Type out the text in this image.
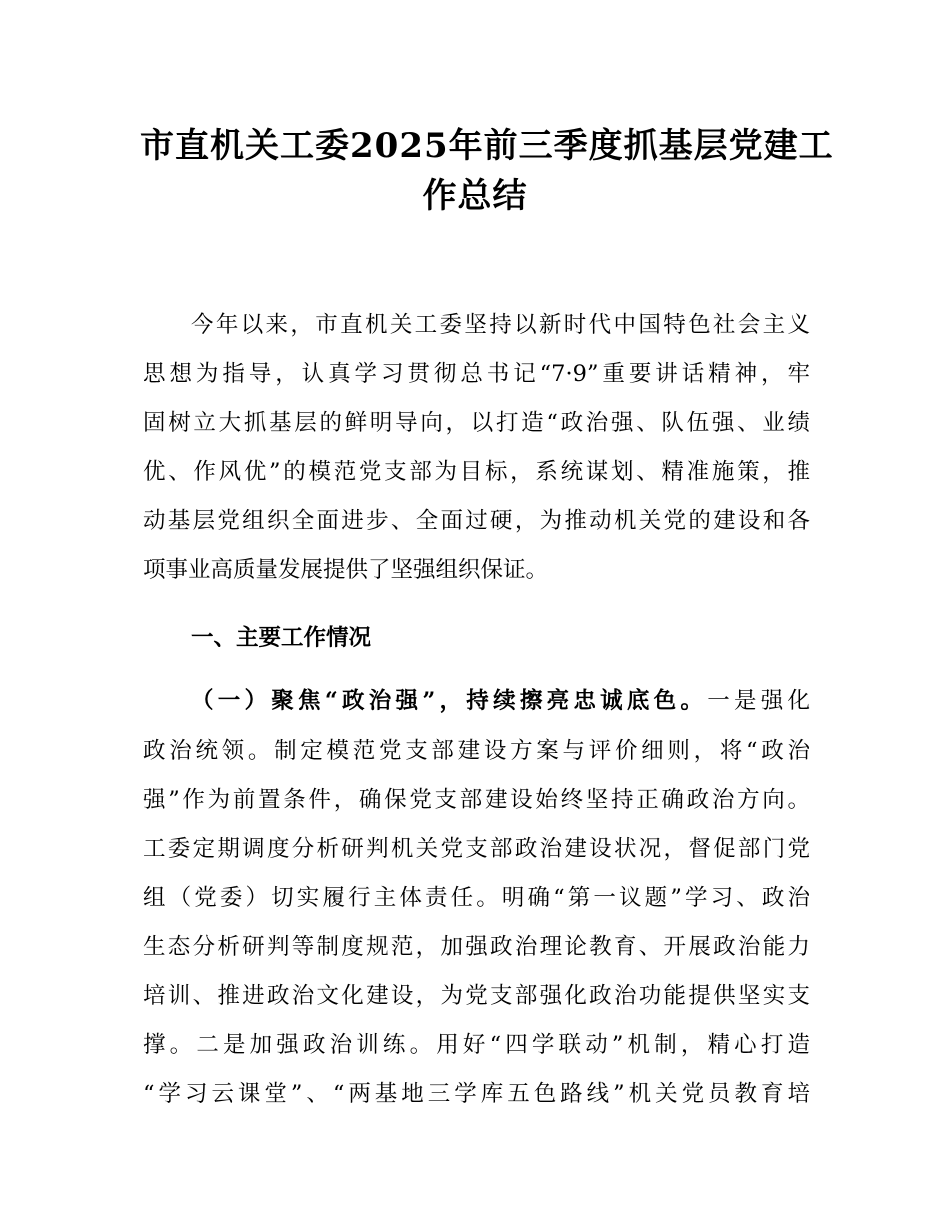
市直机关工委2025年前三季度抓基层党建工
作总结

今年以来，市直机关工委坚持以新时代中国特色社会主义

思想为指导，认真学习贯彻总书记“7·9”重要讲话精神，牢

固树立大抓基层的鲜明导向，以打造“政治强、队伍强、业绩

优、作风优”的模范党支部为目标，系统谋划、精准施策，推

动基层党组织全面进步、全面过硬，为推动机关党的建设和各

项事业高质量发展提供了坚强组织保证。

一、主要工作情况

（一）聚焦“政治强”，持续擦亮忠诚底色。一是强化

政治统领。制定模范党支部建设方案与评价细则，将“政治

强”作为前置条件，确保党支部建设始终坚持正确政治方向。

工委定期调度分析研判机关党支部政治建设状况，督促部门党

组（党委）切实履行主体责任。明确“第一议题”学习、政治

生态分析研判等制度规范，加强政治理论教育、开展政治能力

培训、推进政治文化建设，为党支部强化政治功能提供坚实支

撑。二是加强政治训练。用好“四学联动”机制，精心打造

“学习云课堂”、“两基地三学库五色路线”机关党员教育培
